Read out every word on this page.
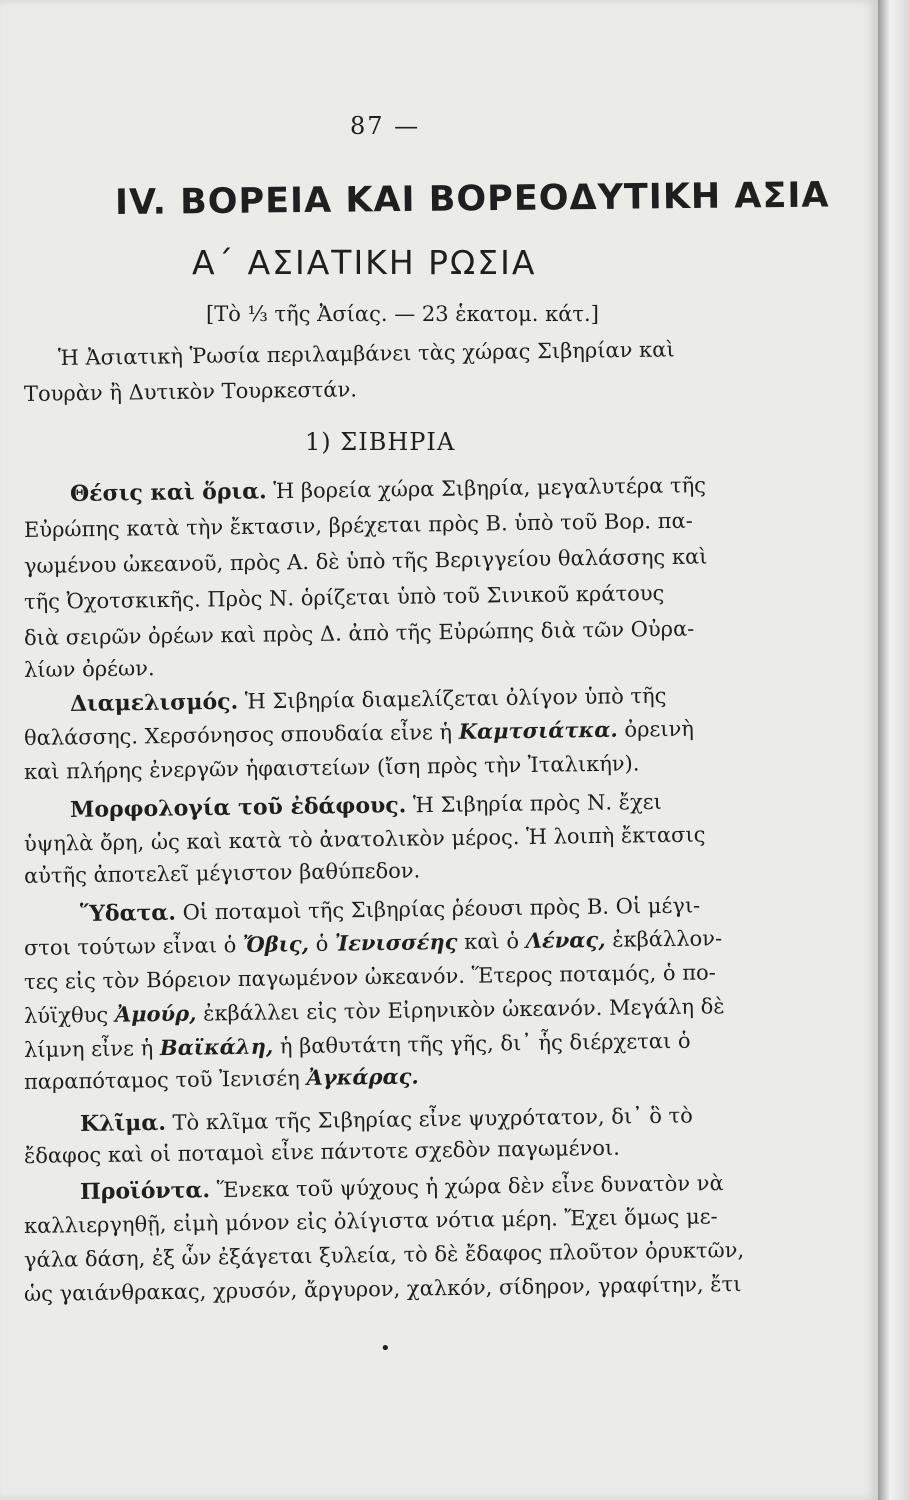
87 —
IV. ΒΟΡΕΙΑ ΚΑΙ ΒΟΡΕΟΔΥΤΙΚΗ ΑΣΙΑ
Α΄ ΑΣΙΑΤΙΚΗ ΡΩΣΙΑ
[Τὸ ⅓ τῆς Ἀσίας. — 23 ἑκατομ. κάτ.]
Ἡ Ἀσιατικὴ Ῥωσία περιλαμβάνει τὰς χώρας Σιβηρίαν καὶ
Τουρὰν ἢ Δυτικὸν Τουρκεστάν.
1) ΣΙΒΗΡΙΑ
Θέσις καὶ ὅρια. Ἡ βορεία χώρα Σιβηρία, μεγαλυτέρα τῆς
Εὐρώπης κατὰ τὴν ἔκτασιν, βρέχεται πρὸς Β. ὑπὸ τοῦ Βορ. πα-
γωμένου ὠκεανοῦ, πρὸς Α. δὲ ὑπὸ τῆς Βεριγγείου θαλάσσης καὶ
τῆς Ὀχοτσκικῆς. Πρὸς Ν. ὁρίζεται ὑπὸ τοῦ Σινικοῦ κράτους
διὰ σειρῶν ὀρέων καὶ πρὸς Δ. ἀπὸ τῆς Εὐρώπης διὰ τῶν Οὐρα-
λίων ὀρέων.
Διαμελισμός. Ἡ Σιβηρία διαμελίζεται ὀλίγον ὑπὸ τῆς
θαλάσσης. Χερσόνησος σπουδαία εἶνε ἡ Καμτσιάτκα. ὀρεινὴ
καὶ πλήρης ἐνεργῶν ἡφαιστείων (ἴση πρὸς τὴν Ἰταλικήν).
Μορφολογία τοῦ ἐδάφους. Ἡ Σιβηρία πρὸς Ν. ἔχει
ὑψηλὰ ὄρη, ὡς καὶ κατὰ τὸ ἀνατολικὸν μέρος. Ἡ λοιπὴ ἔκτασις
αὐτῆς ἀποτελεῖ μέγιστον βαθύπεδον.
Ὕδατα. Οἱ ποταμοὶ τῆς Σιβηρίας ῥέουσι πρὸς Β. Οἱ μέγι-
στοι τούτων εἶναι ὁ Ὄβις, ὁ Ἰενισσέης καὶ ὁ Λένας, ἐκβάλλον-
τες εἰς τὸν Βόρειον παγωμένον ὠκεανόν. Ἕτερος ποταμός, ὁ πο-
λύϊχθυς Ἀμούρ, ἐκβάλλει εἰς τὸν Εἰρηνικὸν ὠκεανόν. Μεγάλη δὲ
λίμνη εἶνε ἡ Βαϊκάλη, ἡ βαθυτάτη τῆς γῆς, δι᾽ ἧς διέρχεται ὁ
παραπόταμος τοῦ Ἰενισέη Ἀγκάρας.
Κλῖμα. Τὸ κλῖμα τῆς Σιβηρίας εἶνε ψυχρότατον, δι᾽ ὃ τὸ
ἔδαφος καὶ οἱ ποταμοὶ εἶνε πάντοτε σχεδὸν παγωμένοι.
Προϊόντα. Ἕνεκα τοῦ ψύχους ἡ χώρα δὲν εἶνε δυνατὸν νὰ
καλλιεργηθῇ, εἰμὴ μόνον εἰς ὀλίγιστα νότια μέρη. Ἔχει ὅμως με-
γάλα δάση, ἐξ ὧν ἐξάγεται ξυλεία, τὸ δὲ ἔδαφος πλοῦτον ὀρυκτῶν,
ὡς γαιάνθρακας, χρυσόν, ἄργυρον, χαλκόν, σίδηρον, γραφίτην, ἔτι
•
